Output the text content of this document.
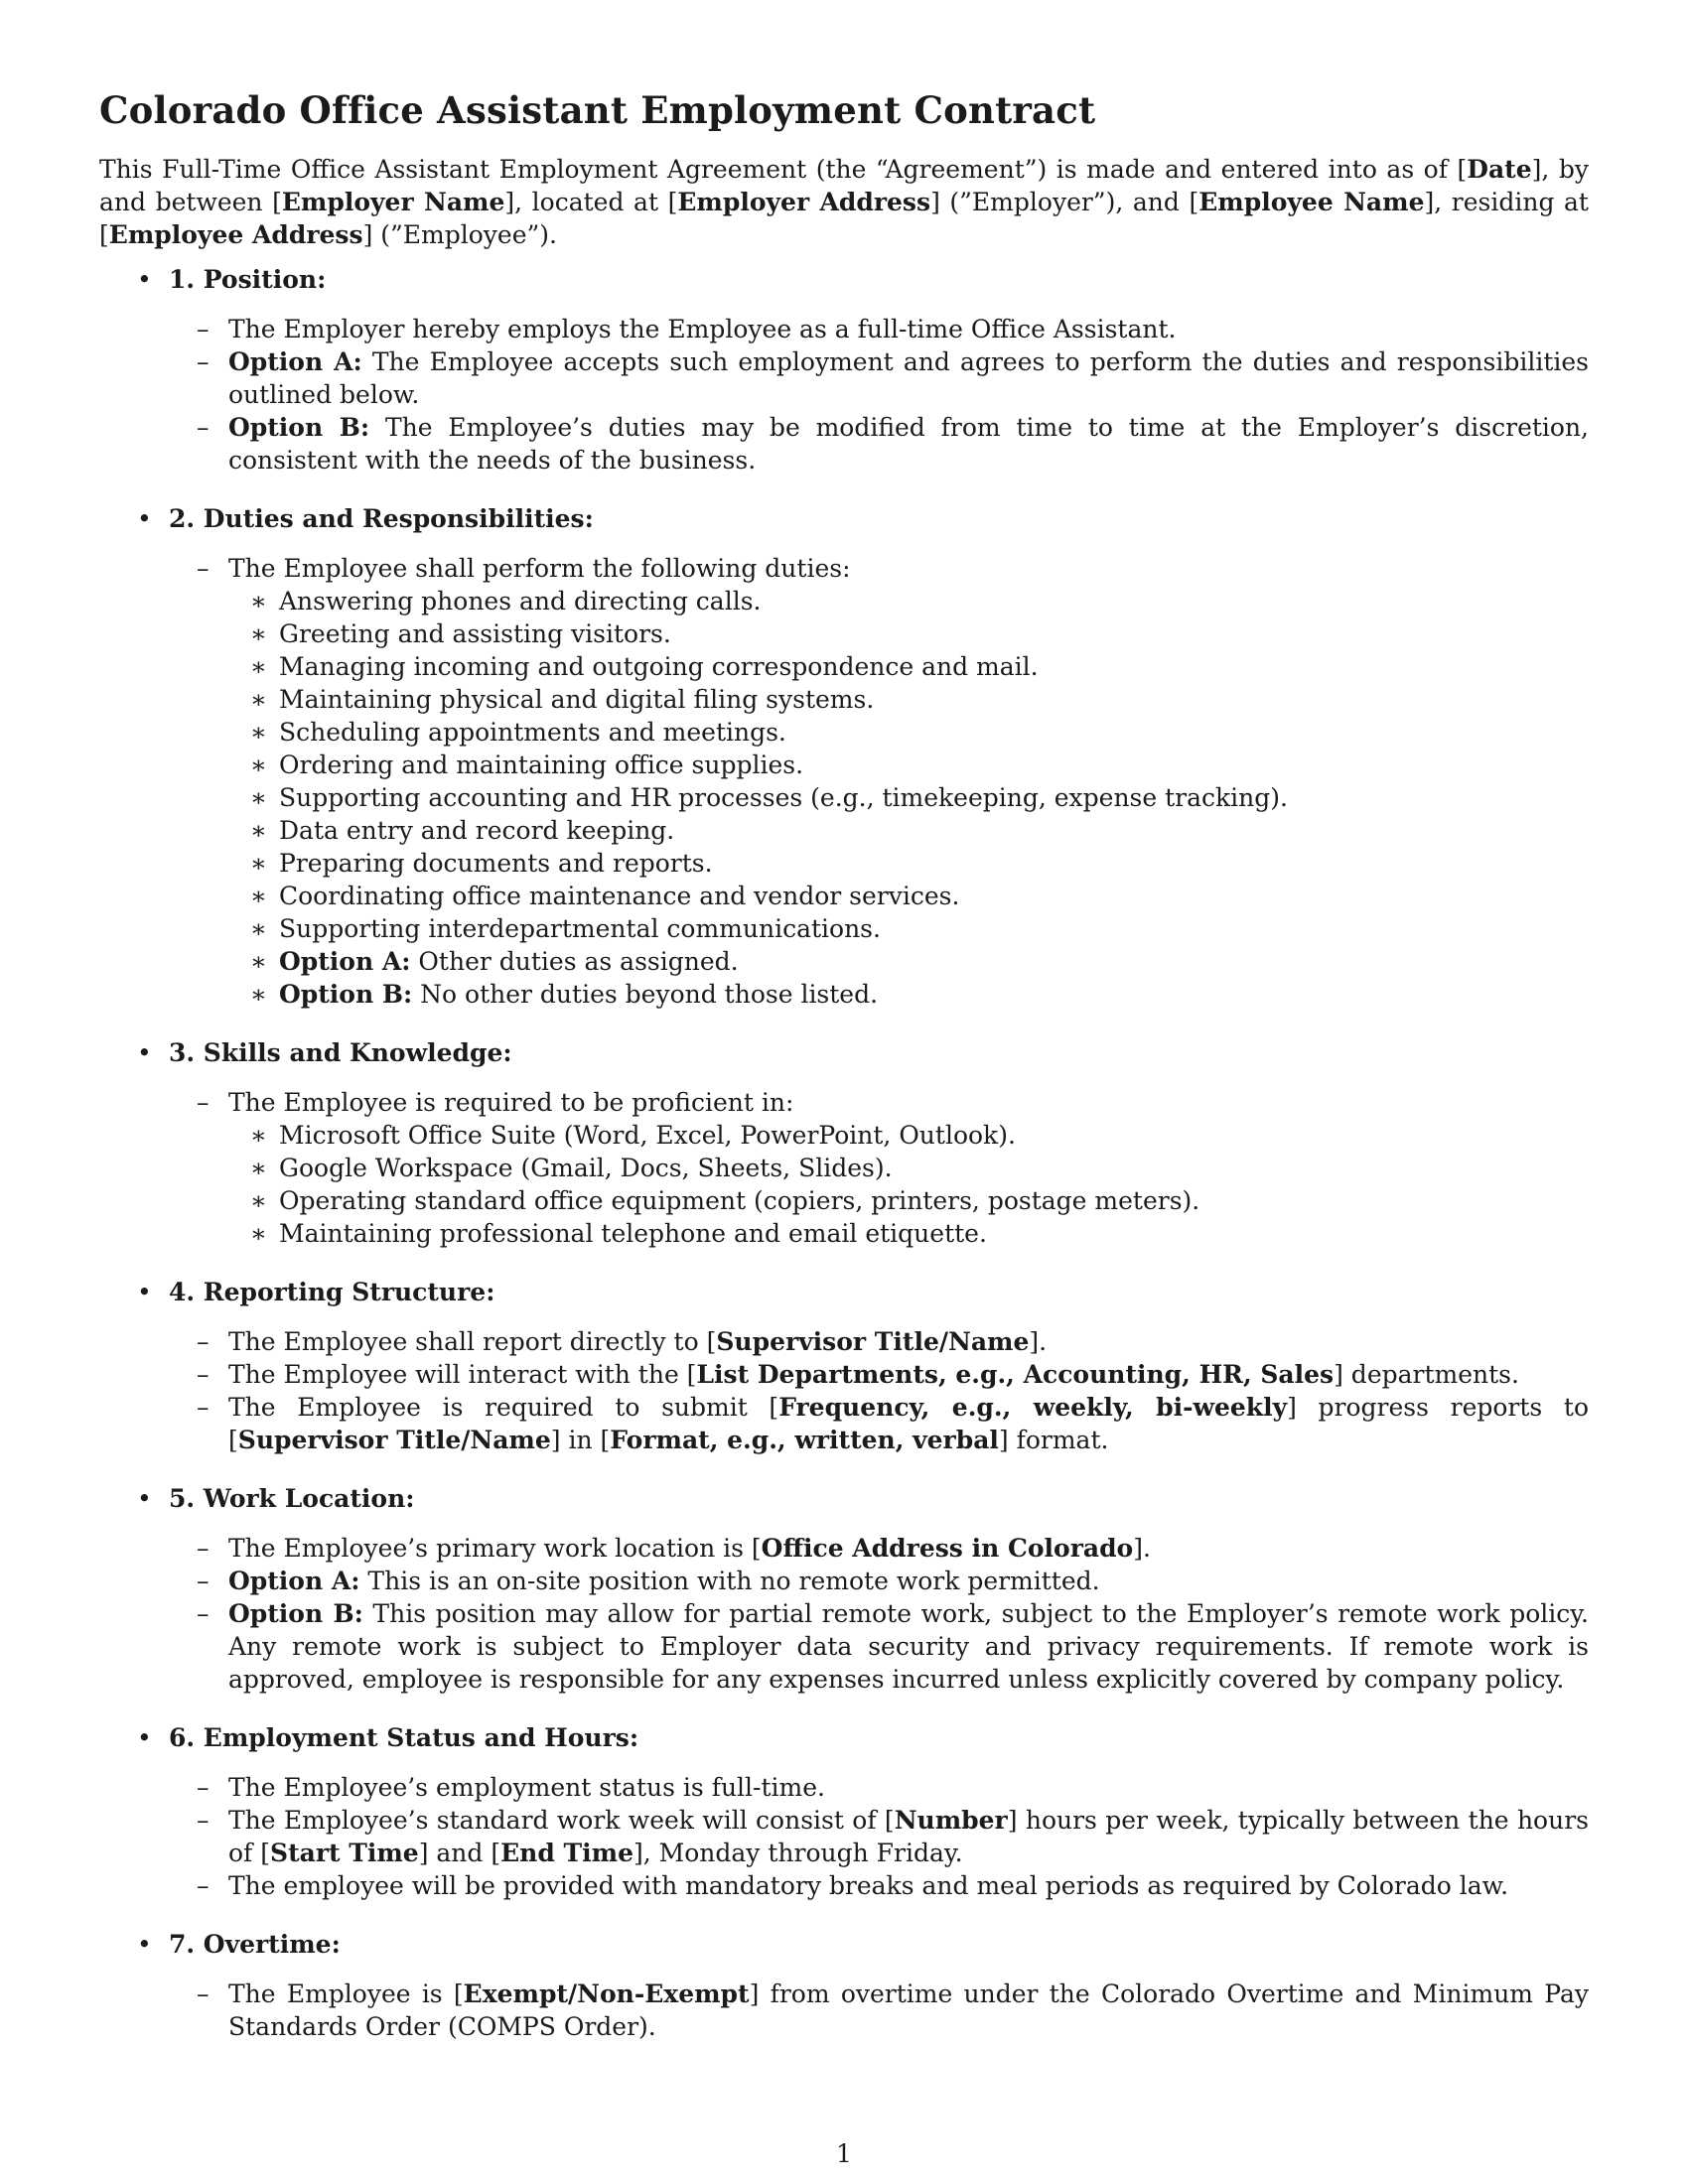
Colorado Office Assistant Employment Contract

This Full-Time Office Assistant Employment Agreement (the “Agreement”) is made and entered into as of [Date], by and between [Employer Name], located at [Employer Address] (”Employer”), and [Employee Name], residing at [Employee Address] (”Employee”).

• 1. Position:
– The Employer hereby employs the Employee as a full-time Office Assistant.
– Option A: The Employee accepts such employment and agrees to perform the duties and responsibilities outlined below.
– Option B: The Employee’s duties may be modified from time to time at the Employer’s discretion, consistent with the needs of the business.
• 2. Duties and Responsibilities:
– The Employee shall perform the following duties:
∗ Answering phones and directing calls.
∗ Greeting and assisting visitors.
∗ Managing incoming and outgoing correspondence and mail.
∗ Maintaining physical and digital filing systems.
∗ Scheduling appointments and meetings.
∗ Ordering and maintaining office supplies.
∗ Supporting accounting and HR processes (e.g., timekeeping, expense tracking).
∗ Data entry and record keeping.
∗ Preparing documents and reports.
∗ Coordinating office maintenance and vendor services.
∗ Supporting interdepartmental communications.
∗ Option A: Other duties as assigned.
∗ Option B: No other duties beyond those listed.
• 3. Skills and Knowledge:
– The Employee is required to be proficient in:
∗ Microsoft Office Suite (Word, Excel, PowerPoint, Outlook).
∗ Google Workspace (Gmail, Docs, Sheets, Slides).
∗ Operating standard office equipment (copiers, printers, postage meters).
∗ Maintaining professional telephone and email etiquette.
• 4. Reporting Structure:
– The Employee shall report directly to [Supervisor Title/Name].
– The Employee will interact with the [List Departments, e.g., Accounting, HR, Sales] departments.
– The Employee is required to submit [Frequency, e.g., weekly, bi-weekly] progress reports to [Supervisor Title/Name] in [Format, e.g., written, verbal] format.
• 5. Work Location:
– The Employee’s primary work location is [Office Address in Colorado].
– Option A: This is an on-site position with no remote work permitted.
– Option B: This position may allow for partial remote work, subject to the Employer’s remote work policy. Any remote work is subject to Employer data security and privacy requirements. If remote work is approved, employee is responsible for any expenses incurred unless explicitly covered by company policy.
• 6. Employment Status and Hours:
– The Employee’s employment status is full-time.
– The Employee’s standard work week will consist of [Number] hours per week, typically between the hours of [Start Time] and [End Time], Monday through Friday.
– The employee will be provided with mandatory breaks and meal periods as required by Colorado law.
• 7. Overtime:
– The Employee is [Exempt/Non-Exempt] from overtime under the Colorado Overtime and Minimum Pay Standards Order (COMPS Order).
1
